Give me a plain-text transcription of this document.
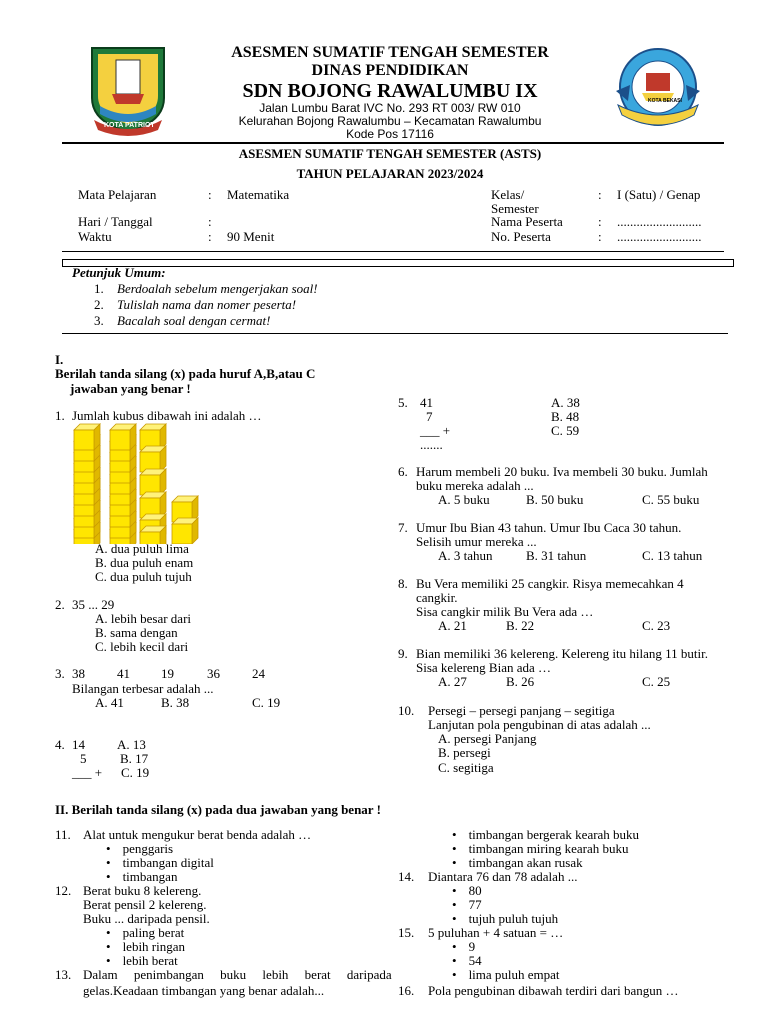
KOTA PATRIOT
KOTA BEKASI
ASESMEN SUMATIF TENGAH SEMESTER
DINAS PENDIDIKAN
SDN BOJONG RAWALUMBU IX
Jalan Lumbu Barat IVC No. 293 RT 003/ RW 010
Kelurahan Bojong Rawalumbu – Kecamatan Rawalumbu
Kode Pos 17116
ASESMEN SUMATIF TENGAH SEMESTER (ASTS)
TAHUN PELAJARAN 2023/2024
Mata Pelajaran	: Matematika
Hari / Tanggal	:
Waktu	: 90 Menit
Kelas/
Semester
: I (Satu) / Genap
Nama Peserta	: ..........................
No. Peserta	: ..........................
Petunjuk Umum:
1. Berdoalah sebelum mengerjakan soal!
2. Tulislah nama dan nomer peserta!
3. Bacalah soal dengan cermat!
I.
Berilah tanda silang (x) pada huruf A,B,atau C
jawaban yang benar !
1. Jumlah kubus dibawah ini adalah …
A. dua puluh lima
B. dua puluh enam
C. dua puluh tujuh
2. 35 ... 29
A. lebih besar dari
B. sama dengan
C. lebih kecil dari
3. 38 41 19	36 24
Bilangan terbesar adalah ...
A. 41	B. 38	C. 19
4. 14
5
___ +
A. 13
B. 17
C. 19
5. 41
7
___ +
.......
A. 38
B. 48
C. 59
6. Harum membeli 20 buku. Iva membeli 30 buku. Jumlah
buku mereka adalah ...
A. 5 buku	B. 50 buku	C. 55 buku
7. Umur Ibu Bian 43 tahun. Umur Ibu Caca 30 tahun.
Selisih umur mereka ...
A. 3 tahun	B. 31 tahun	C. 13 tahun
8. Bu Vera memiliki 25 cangkir. Risya memecahkan 4
cangkir.
Sisa cangkir milik Bu Vera ada …
A. 21	B. 22	C. 23
9. Bian memiliki 36 kelereng. Kelereng itu hilang 11 butir.
Sisa kelereng Bian ada …
A. 27	B. 26	C. 25
10. Persegi – persegi panjang – segitiga
Lanjutan pola pengubinan di atas adalah ...
A. persegi Panjang
B. persegi
C. segitiga
II. Berilah tanda silang (x) pada dua jawaban yang benar !
11. Alat untuk mengukur berat benda adalah …
• penggaris
• timbangan digital
• timbangan
12. Berat buku 8 kelereng.
Berat pensil 2 kelereng.
Buku ... daripada pensil.
• paling berat
• lebih ringan
• lebih berat
13. Dalam     penimbangan     buku     lebih     berat     daripada
gelas.Keadaan timbangan yang benar adalah...
• timbangan bergerak kearah buku
• timbangan miring kearah buku
• timbangan akan rusak
14. Diantara 76 dan 78 adalah ...
• 80
• 77
• tujuh puluh tujuh
15. 5 puluhan + 4 satuan = …
• 9
• 54
• lima puluh empat
16. Pola pengubinan dibawah terdiri dari bangun …
